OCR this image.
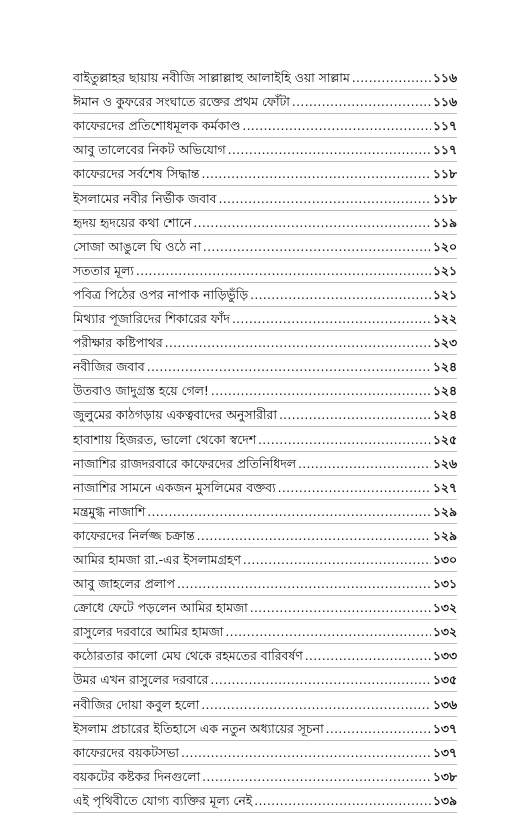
বাইতুল্লাহর ছায়ায় নবীজি সাল্লাল্লাহু আলাইহি ওয়া সাল্লাম .....	১১৬
ঈমান ও কুফরের সংঘাতে রক্তের প্রথম ফোঁটা .....	১১৬
কাফেরদের প্রতিশোধমূলক কর্মকাণ্ড .....	১১৭
আবু তালেবের নিকট অভিযোগ .....	১১৭
কাফেরদের সর্বশেষ সিদ্ধান্ত .....	১১৮
ইসলামের নবীর নির্ভীক জবাব .....	১১৮
হৃদয় হৃদয়ের কথা শোনে .....	১১৯
সোজা আঙুলে ঘি ওঠে না .....	১২০
সততার মূল্য .....	১২১
পবিত্র পিঠের ওপর নাপাক নাড়িভুঁড়ি .....	১২১
মিথ্যার পূজারিদের শিকারের ফাঁদ .....	১২২
পরীক্ষার কষ্টিপাথর .....	১২৩
নবীজির জবাব .....	১২৪
উতবাও জাদুগ্রস্ত হয়ে গেল! .....	১২৪
জুলুমের কাঠগড়ায় একত্ববাদের অনুসারীরা .....	১২৪
হাবাশায় হিজরত, ভালো থেকো স্বদেশ .....	১২৫
নাজাশির রাজদরবারে কাফেরদের প্রতিনিধিদল .....	১২৬
নাজাশির সামনে একজন মুসলিমের বক্তব্য .....	১২৭
মন্ত্রমুগ্ধ নাজাশি .....	১২৯
কাফেরদের নির্লজ্জ চক্রান্ত .....	১২৯
আমির হামজা রা.-এর ইসলামগ্রহণ .....	১৩০
আবু জাহলের প্রলাপ .....	১৩১
ক্রোধে ফেটে পড়লেন আমির হামজা .....	১৩২
রাসুলের দরবারে আমির হামজা .....	১৩২
কঠোরতার কালো মেঘ থেকে রহমতের বারিবর্ষণ .....	১৩৩
উমর এখন রাসুলের দরবারে .....	১৩৫
নবীজির দোয়া কবুল হলো .....	১৩৬
ইসলাম প্রচারের ইতিহাসে এক নতুন অধ্যায়ের সূচনা .....	১৩৭
কাফেরদের বয়কটসভা .....	১৩৭
বয়কটের কষ্টকর দিনগুলো .....	১৩৮
এই পৃথিবীতে যোগ্য ব্যক্তির মূল্য নেই .....	১৩৯
